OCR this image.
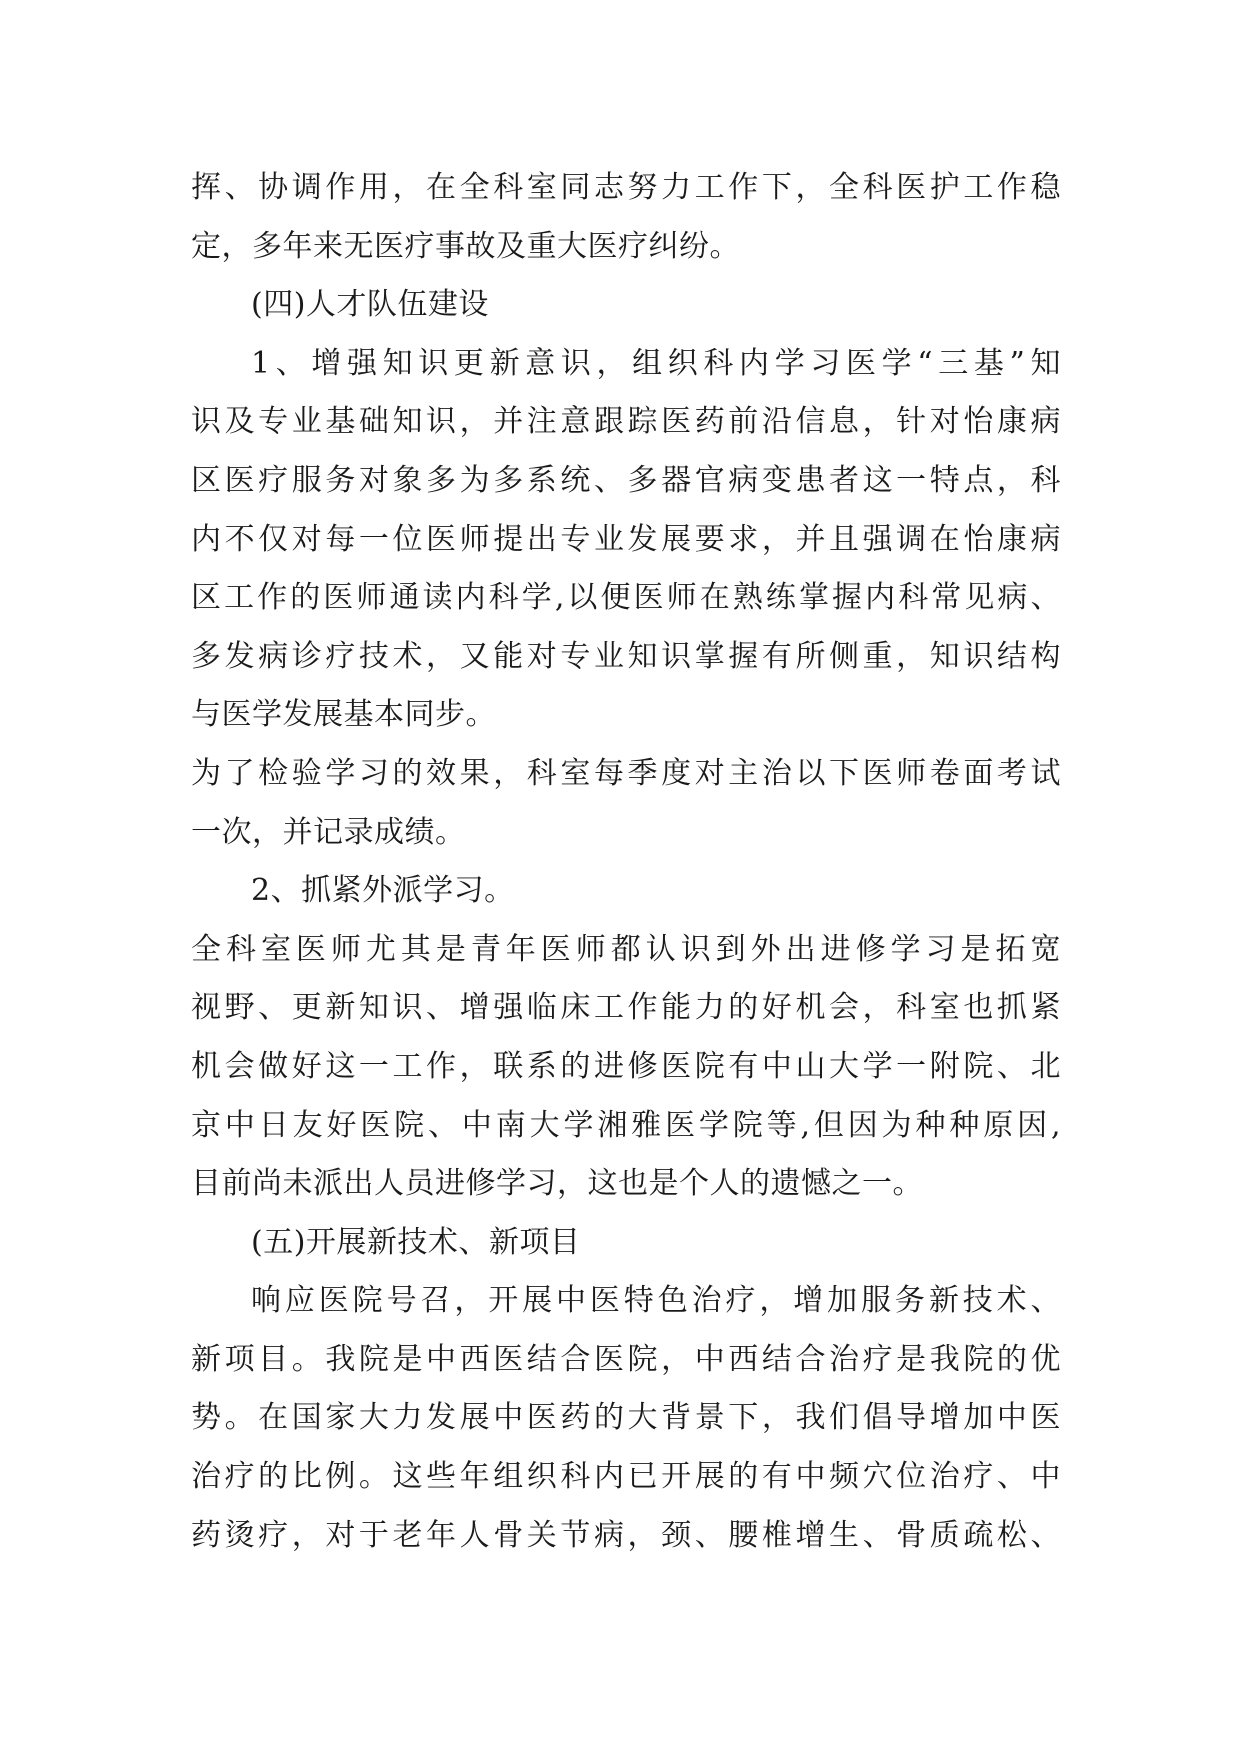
挥、协调作用，在全科室同志努力工作下，全科医护工作稳
定，多年来无医疗事故及重大医疗纠纷。
(四)人才队伍建设
1、增强知识更新意识，组织科内学习医学“三基”知
识及专业基础知识，并注意跟踪医药前沿信息，针对怡康病
区医疗服务对象多为多系统、多器官病变患者这一特点，科
内不仅对每一位医师提出专业发展要求，并且强调在怡康病
区工作的医师通读内科学,以便医师在熟练掌握内科常见病、
多发病诊疗技术，又能对专业知识掌握有所侧重，知识结构
与医学发展基本同步。
为了检验学习的效果，科室每季度对主治以下医师卷面考试
一次，并记录成绩。
2、抓紧外派学习。
全科室医师尤其是青年医师都认识到外出进修学习是拓宽
视野、更新知识、增强临床工作能力的好机会，科室也抓紧
机会做好这一工作，联系的进修医院有中山大学一附院、北
京中日友好医院、中南大学湘雅医学院等,但因为种种原因,
目前尚未派出人员进修学习，这也是个人的遗憾之一。
(五)开展新技术、新项目
响应医院号召，开展中医特色治疗，增加服务新技术、
新项目。我院是中西医结合医院，中西结合治疗是我院的优
势。在国家大力发展中医药的大背景下，我们倡导增加中医
治疗的比例。这些年组织科内已开展的有中频穴位治疗、中
药烫疗，对于老年人骨关节病，颈、腰椎增生、骨质疏松、
